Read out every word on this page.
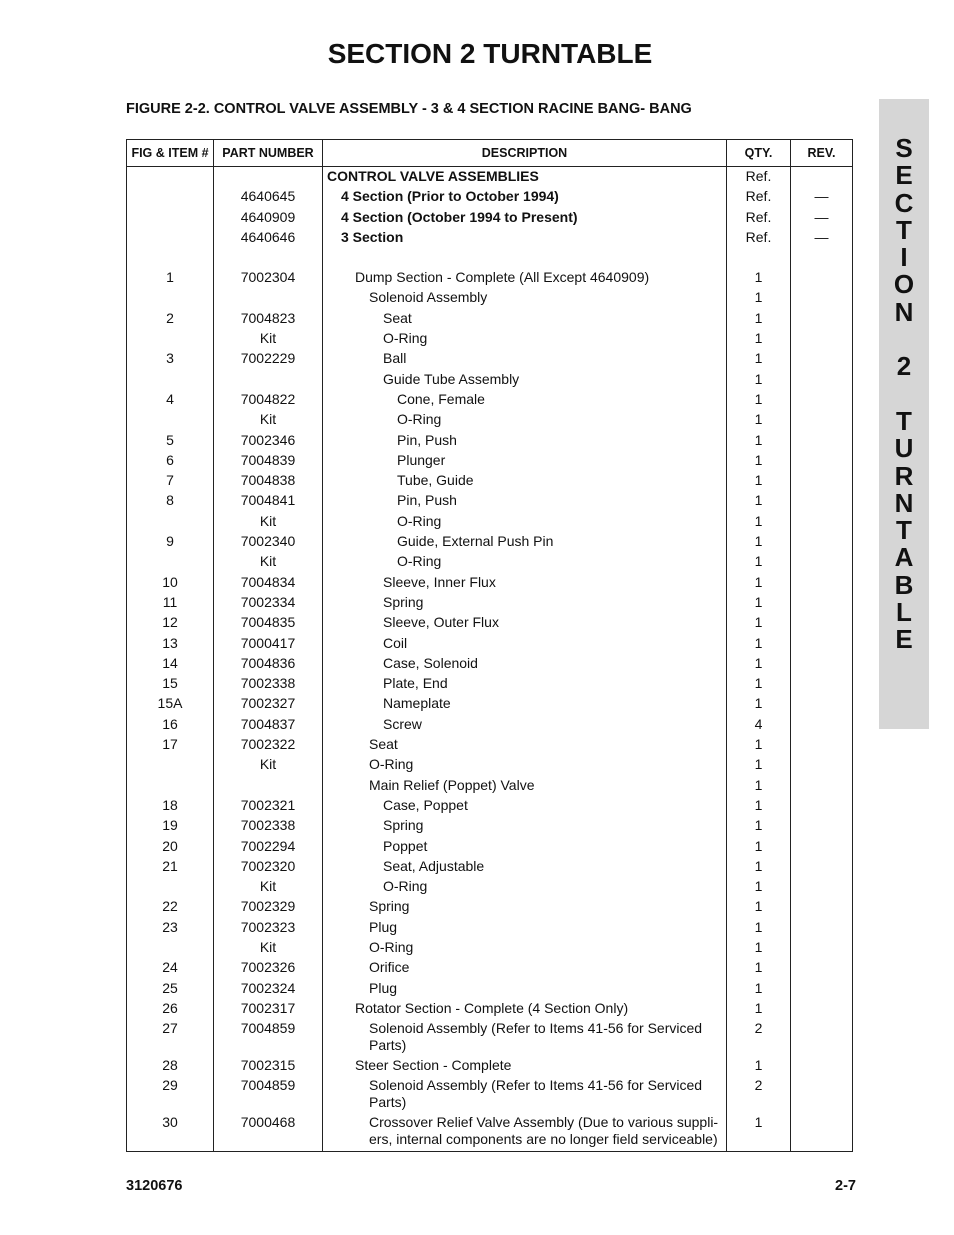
SECTION 2 TURNTABLE
FIGURE 2-2. CONTROL VALVE ASSEMBLY - 3 & 4 SECTION RACINE BANG- BANG
S
E
C
T
I
O
N
2
T
U
R
N
T
A
B
L
E
FIG & ITEM #	PART NUMBER	DESCRIPTION	QTY.	REV.
		CONTROL VALVE ASSEMBLIES	Ref.	
	4640645	4 Section (Prior to October 1994)	Ref.	—
	4640909	4 Section (October 1994 to Present)	Ref.	—
	4640646	3 Section	Ref.	—

1	7002304	Dump Section - Complete (All Except 4640909)	1	
		Solenoid Assembly	1	
2	7004823	Seat	1	
	Kit	O-Ring	1	
3	7002229	Ball	1	
		Guide Tube Assembly	1	
4	7004822	Cone, Female	1	
	Kit	O-Ring	1	
5	7002346	Pin, Push	1	
6	7004839	Plunger	1	
7	7004838	Tube, Guide	1	
8	7004841	Pin, Push	1	
	Kit	O-Ring	1	
9	7002340	Guide, External Push Pin	1	
	Kit	O-Ring	1	
10	7004834	Sleeve, Inner Flux	1	
11	7002334	Spring	1	
12	7004835	Sleeve, Outer Flux	1	
13	7000417	Coil	1	
14	7004836	Case, Solenoid	1	
15	7002338	Plate, End	1	
15A	7002327	Nameplate	1	
16	7004837	Screw	4	
17	7002322	Seat	1	
	Kit	O-Ring	1	
		Main Relief (Poppet) Valve	1	
18	7002321	Case, Poppet	1	
19	7002338	Spring	1	
20	7002294	Poppet	1	
21	7002320	Seat, Adjustable	1	
	Kit	O-Ring	1	
22	7002329	Spring	1	
23	7002323	Plug	1	
	Kit	O-Ring	1	
24	7002326	Orifice	1	
25	7002324	Plug	1	
26	7002317	Rotator Section - Complete (4 Section Only)	1	
27	7004859	Solenoid Assembly (Refer to Items 41-56 for Serviced Parts)	2	
28	7002315	Steer Section - Complete	1	
29	7004859	Solenoid Assembly (Refer to Items 41-56 for Serviced Parts)	2	
30	7000468	Crossover Relief Valve Assembly (Due to various suppli-ers, internal components are no longer field serviceable)	1	
3120676	2-7
